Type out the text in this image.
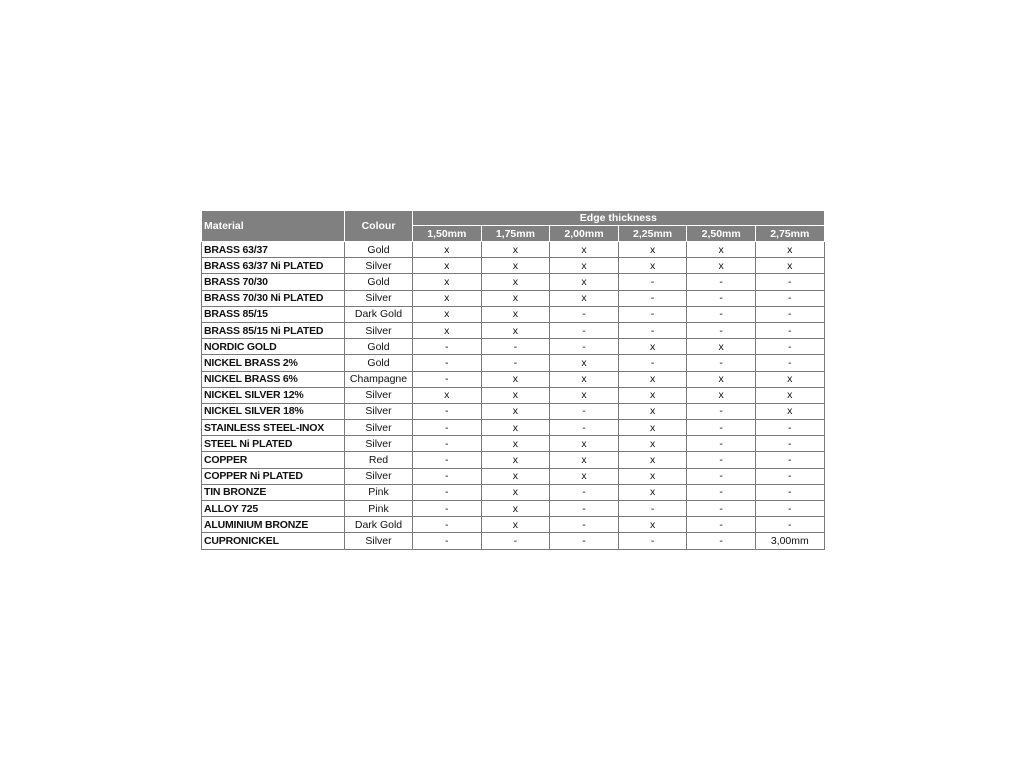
Material	Colour	Edge thickness					
		1,50mm	1,75mm	2,00mm	2,25mm	2,50mm	2,75mm
BRASS 63/37	Gold	x	x	x	x	x	x
BRASS 63/37 Ni PLATED	Silver	x	x	x	x	x	x
BRASS 70/30	Gold	x	x	x	-	-	-
BRASS 70/30 Ni PLATED	Silver	x	x	x	-	-	-
BRASS 85/15	Dark Gold	x	x	-	-	-	-
BRASS 85/15 Ni PLATED	Silver	x	x	-	-	-	-
NORDIC GOLD	Gold	-	-	-	x	x	-
NICKEL BRASS 2%	Gold	-	-	x	-	-	-
NICKEL BRASS 6%	Champagne	-	x	x	x	x	x
NICKEL SILVER 12%	Silver	x	x	x	x	x	x
NICKEL SILVER 18%	Silver	-	x	-	x	-	x
STAINLESS STEEL-INOX	Silver	-	x	-	x	-	-
STEEL Ni PLATED	Silver	-	x	x	x	-	-
COPPER	Red	-	x	x	x	-	-
COPPER Ni PLATED	Silver	-	x	x	x	-	-
TIN BRONZE	Pink	-	x	-	x	-	-
ALLOY 725	Pink	-	x	-	-	-	-
ALUMINIUM BRONZE	Dark Gold	-	x	-	x	-	-
CUPRONICKEL	Silver	-	-	-	-	-	3,00mm
